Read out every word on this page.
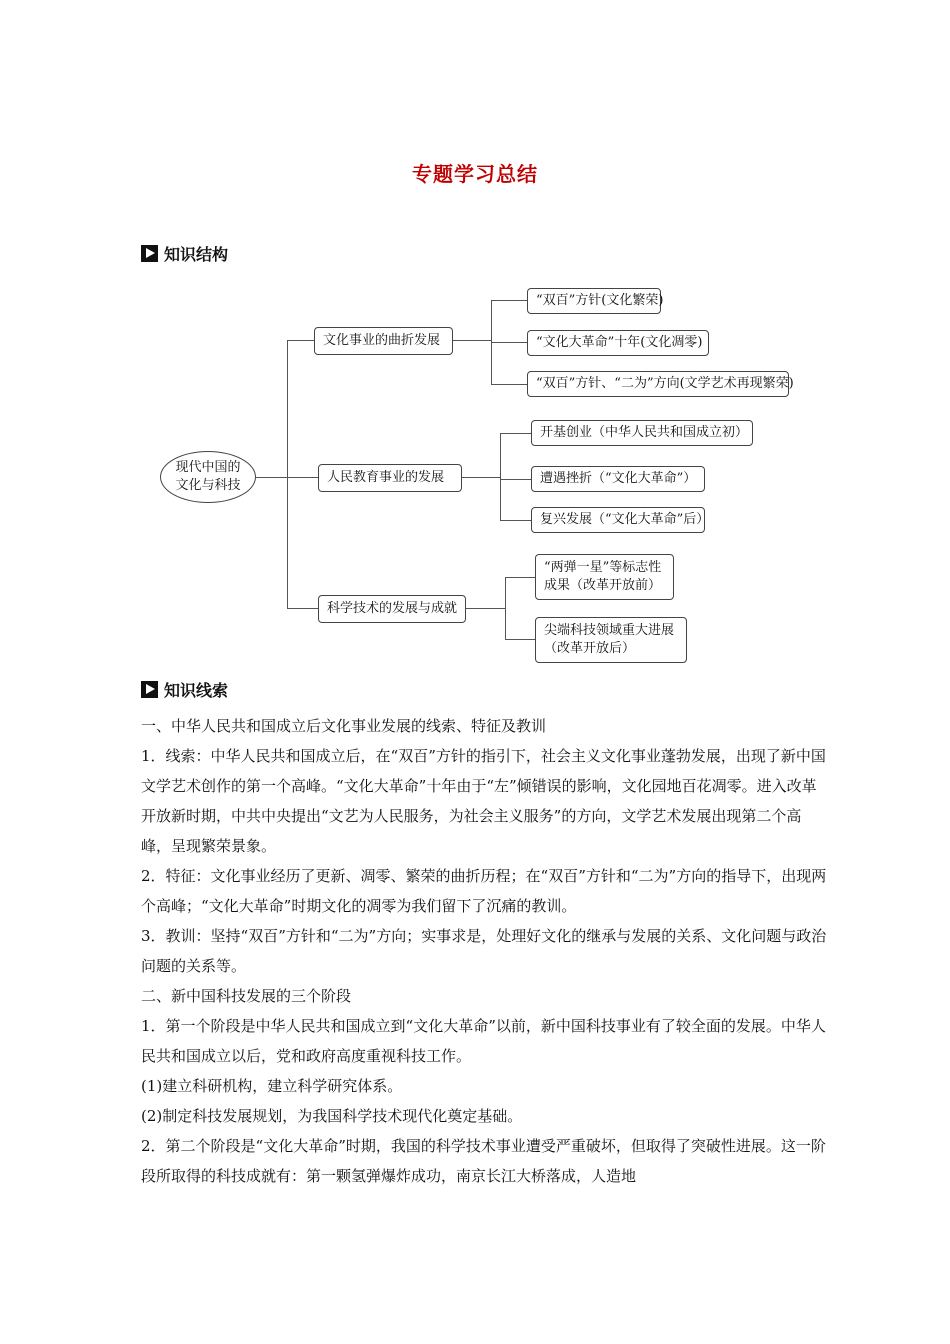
专题学习总结
知识结构
现代中国的
文化与科技
文化事业的曲折发展
人民教育事业的发展
科学技术的发展与成就
“双百”方针(文化繁荣)
“文化大革命”十年(文化凋零)
“双百”方针、“二为”方向(文学艺术再现繁荣)
开基创业（中华人民共和国成立初）
遭遇挫折（“文化大革命”）
复兴发展（“文化大革命”后）
“两弹一星”等标志性成果（改革开放前）
尖端科技领域重大进展（改革开放后）
知识线索

一、中华人民共和国成立后文化事业发展的线索、特征及教训

1．线索：中华人民共和国成立后，在“双百”方针的指引下，社会主义文化事业蓬勃发展，出现了新中国文学艺术创作的第一个高峰。“文化大革命”十年由于“左”倾错误的影响，文化园地百花凋零。进入改革开放新时期，中共中央提出“文艺为人民服务，为社会主义服务”的方向，文学艺术发展出现第二个高峰，呈现繁荣景象。

2．特征：文化事业经历了更新、凋零、繁荣的曲折历程；在“双百”方针和“二为”方向的指导下，出现两个高峰；“文化大革命”时期文化的凋零为我们留下了沉痛的教训。

3．教训：坚持“双百”方针和“二为”方向；实事求是，处理好文化的继承与发展的关系、文化问题与政治问题的关系等。

二、新中国科技发展的三个阶段

1．第一个阶段是中华人民共和国成立到“文化大革命”以前，新中国科技事业有了较全面的发展。中华人民共和国成立以后，党和政府高度重视科技工作。

(1)建立科研机构，建立科学研究体系。

(2)制定科技发展规划，为我国科学技术现代化奠定基础。

2．第二个阶段是“文化大革命”时期，我国的科学技术事业遭受严重破坏，但取得了突破性进展。这一阶段所取得的科技成就有：第一颗氢弹爆炸成功，南京长江大桥落成，人造地
